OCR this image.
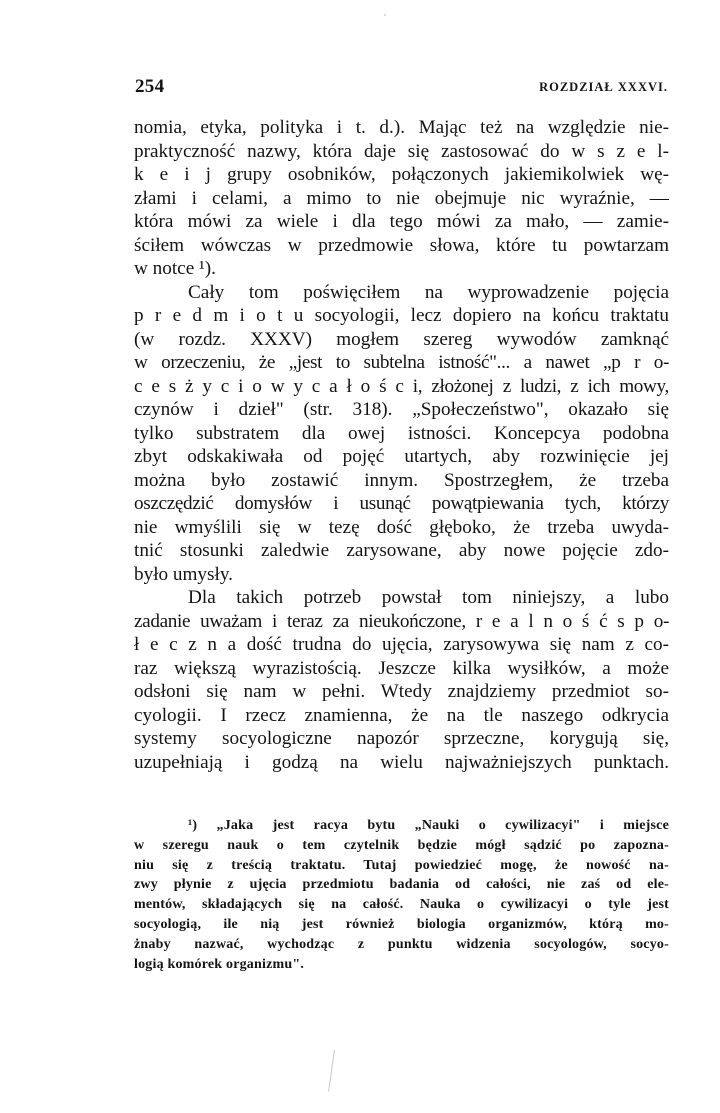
254	ROZDZIAŁ XXXVI.
nomia, etyka, polityka i t. d.). Mając też na względzie nie‐
praktyczność nazwy, która daje się zastosować do w s z e l‐
k e i j grupy osobników, połączonych jakiemikolwiek wę‐
złami i celami, a mimo to nie obejmuje nic wyraźnie, —
która mówi za wiele i dla tego mówi za mało, — zamie‐
ściłem wówczas w przedmowie słowa, które tu powtarzam
w notce ¹).
Cały tom poświęciłem na wyprowadzenie pojęcia
p r e d m i o t u socyologii, lecz dopiero na końcu traktatu
(w rozdz. XXXV) mogłem szereg wywodów zamknąć
w orzeczeniu, że „jest to subtelna istność"... a nawet „p r o‐
c e s ż y c i o w y c a ł o ś c i, złożonej z ludzi, z ich mowy,
czynów i dzieł" (str. 318). „Społeczeństwo", okazało się
tylko substratem dla owej istności. Koncepcya podobna
zbyt odskakiwała od pojęć utartych, aby rozwinięcie jej
można było zostawić innym. Spostrzegłem, że trzeba
oszczędzić domysłów i usunąć powątpiewania tych, którzy
nie wmyślili się w tezę dość głęboko, że trzeba uwyda‐
tnić stosunki zaledwie zarysowane, aby nowe pojęcie zdo‐
było umysły.
Dla takich potrzeb powstał tom niniejszy, a lubo
zadanie uważam i teraz za nieukończone, r e a l n o ś ć s p o‐
ł e c z n a dość trudna do ujęcia, zarysowywa się nam z co‐
raz większą wyrazistością. Jeszcze kilka wysiłków, a może
odsłoni się nam w pełni. Wtedy znajdziemy przedmiot so‐
cyologii. I rzecz znamienna, że na tle naszego odkrycia
systemy socyologiczne napozór sprzeczne, korygują się,
uzupełniają i godzą na wielu najważniejszych punktach.
¹) „Jaka jest racya bytu „Nauki o cywilizacyi" i miejsce
w szeregu nauk o tem czytelnik będzie mógł sądzić po zapozna‐
niu się z treścią traktatu. Tutaj powiedzieć mogę, że nowość na‐
zwy płynie z ujęcia przedmiotu badania od całości, nie zaś od ele‐
mentów, składających się na całość. Nauka o cywilizacyi o tyle jest
socyologią, ile nią jest również biologia organizmów, którą mo‐
żnaby nazwać, wychodząc z punktu widzenia socyologów, socyo‐
logią komórek organizmu".
